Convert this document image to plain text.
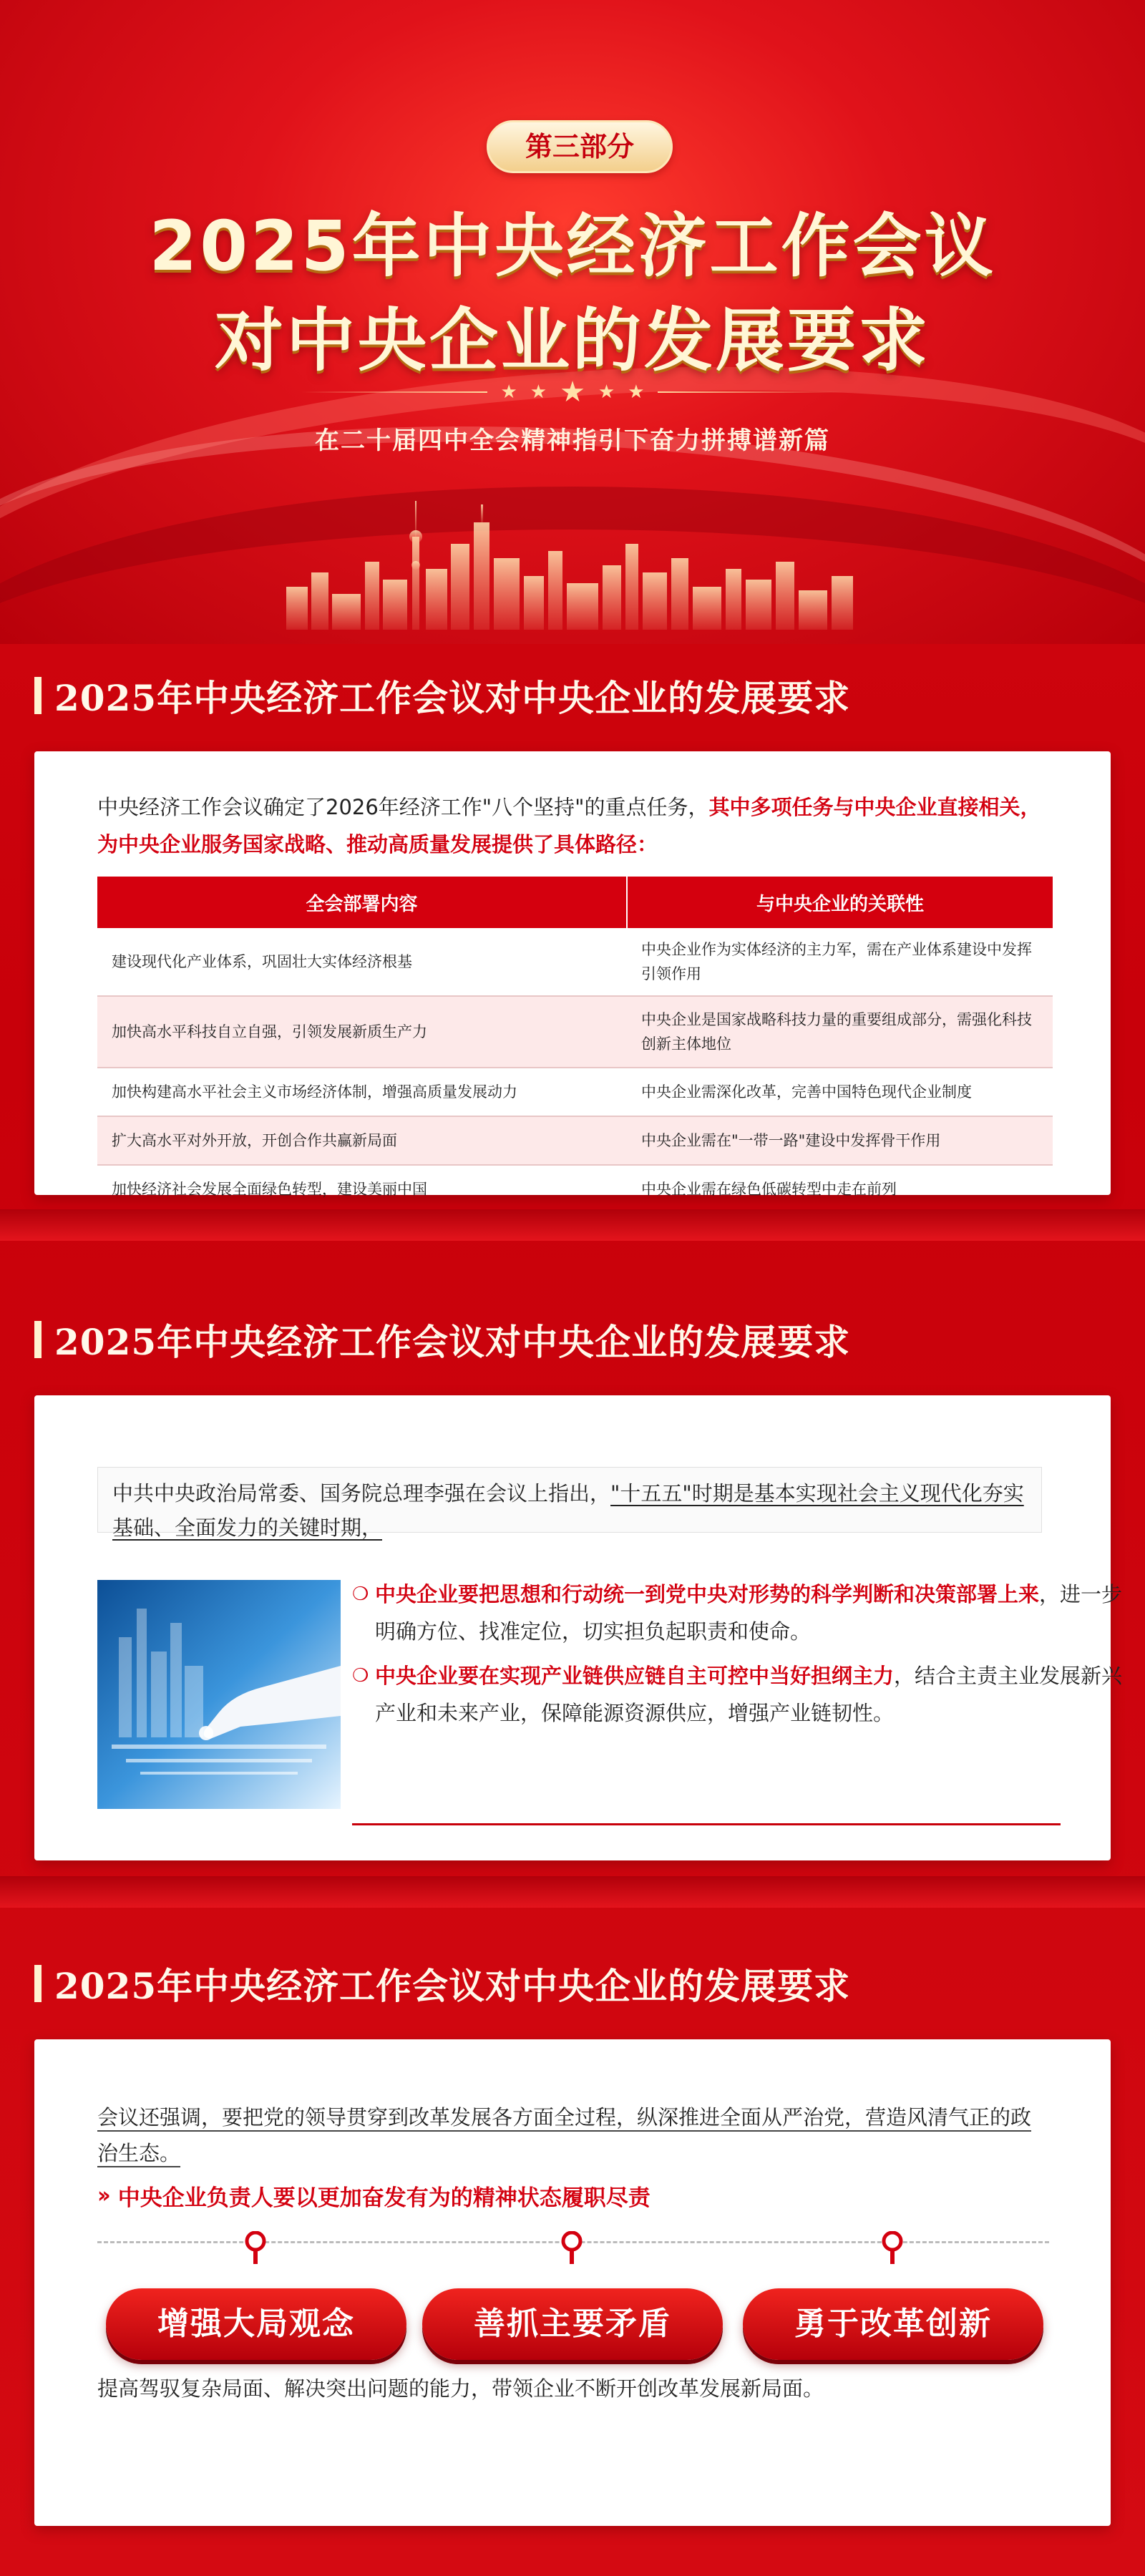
第三部分
2025年中央经济工作会议
对中央企业的发展要求
★ ★ ★ ★ ★
在二十届四中全会精神指引下奋力拼搏谱新篇
2025年中央经济工作会议对中央企业的发展要求

中央经济工作会议确定了2026年经济工作"八个坚持"的重点任务，其中多项任务与中央企业直接相关，为中央企业服务国家战略、推动高质量发展提供了具体路径：

全会部署内容	与中央企业的关联性
建设现代化产业体系，巩固壮大实体经济根基	中央企业作为实体经济的主力军，需在产业体系建设中发挥引领作用
加快高水平科技自立自强，引领发展新质生产力	中央企业是国家战略科技力量的重要组成部分，需强化科技创新主体地位
加快构建高水平社会主义市场经济体制，增强高质量发展动力	中央企业需深化改革，完善中国特色现代企业制度
扩大高水平对外开放，开创合作共赢新局面	中央企业需在"一带一路"建设中发挥骨干作用
加快经济社会发展全面绿色转型，建设美丽中国	中央企业需在绿色低碳转型中走在前列
2025年中央经济工作会议对中央企业的发展要求
中共中央政治局常委、国务院总理李强在会议上指出，"十五五"时期是基本实现社会主义现代化夯实基础、全面发力的关键时期，
❍ 中央企业要把思想和行动统一到党中央对形势的科学判断和决策部署上来，进一步明确方位、找准定位，切实担负起职责和使命。

❍ 中央企业要在实现产业链供应链自主可控中当好担纲主力，结合主责主业发展新兴产业和未来产业，保障能源资源供应，增强产业链韧性。

2025年中央经济工作会议对中央企业的发展要求

会议还强调，要把党的领导贯穿到改革发展各方面全过程，纵深推进全面从严治党，营造风清气正的政治生态。

›› 中央企业负责人要以更加奋发有为的精神状态履职尽责
增强大局观念	善抓主要矛盾	勇于改革创新

提高驾驭复杂局面、解决突出问题的能力，带领企业不断开创改革发展新局面。
